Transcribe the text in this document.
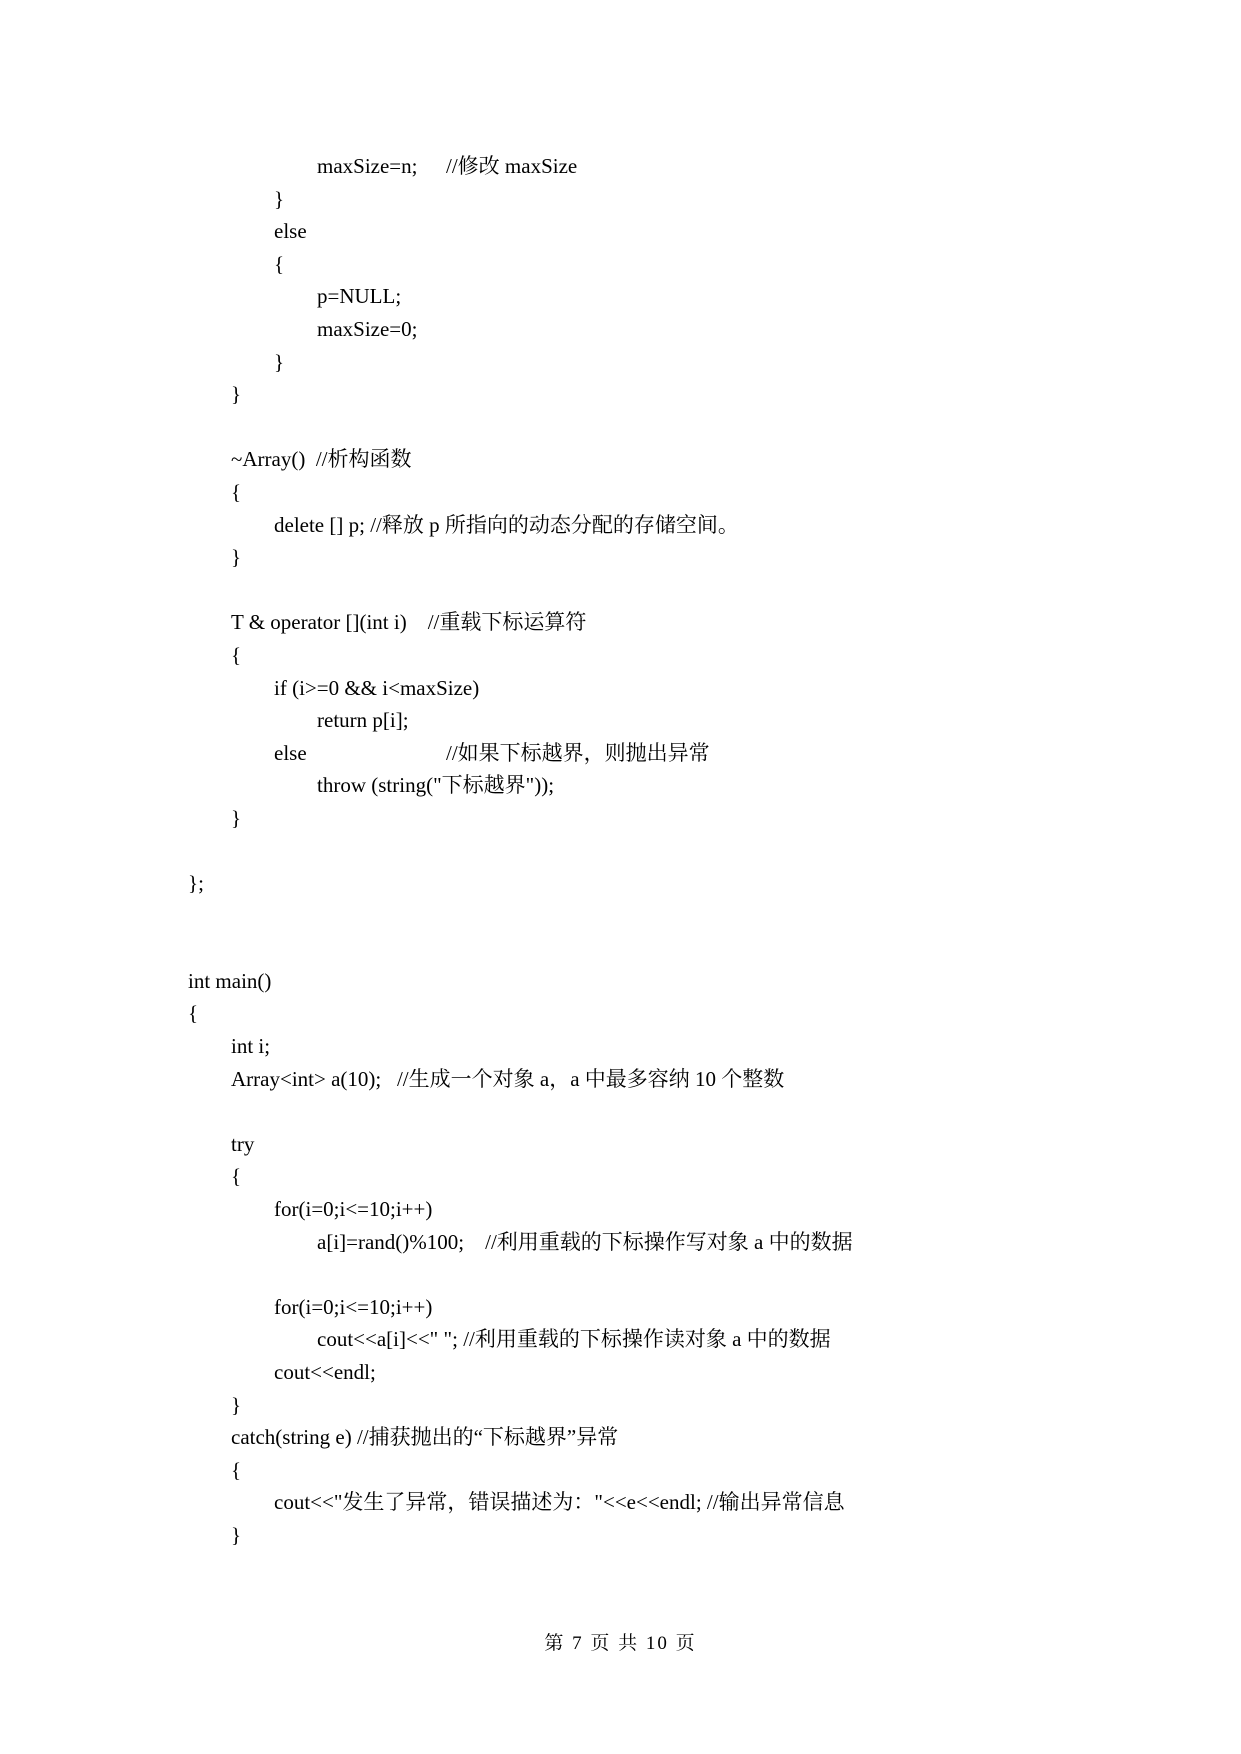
maxSize=n; //修改 maxSize
}
else
{
p=NULL;
maxSize=0;
}
}
~Array()  //析构函数
{
delete [] p; //释放 p 所指向的动态分配的存储空间。
}
T & operator [](int i)    //重载下标运算符
{
if (i>=0 && i<maxSize)
return p[i];
else	//如果下标越界，则抛出异常
throw (string("下标越界"));
}
};
int main()
{
int i;
Array<int> a(10);   //生成一个对象 a，a 中最多容纳 10 个整数
try
{
for(i=0;i<=10;i++)
a[i]=rand()%100;    //利用重载的下标操作写对象 a 中的数据
for(i=0;i<=10;i++)
cout<<a[i]<<" "; //利用重载的下标操作读对象 a 中的数据
cout<<endl;
}
catch(string e) //捕获抛出的“下标越界”异常
{
cout<<"发生了异常，错误描述为："<<e<<endl; //输出异常信息
}
第 7 页 共 10 页
